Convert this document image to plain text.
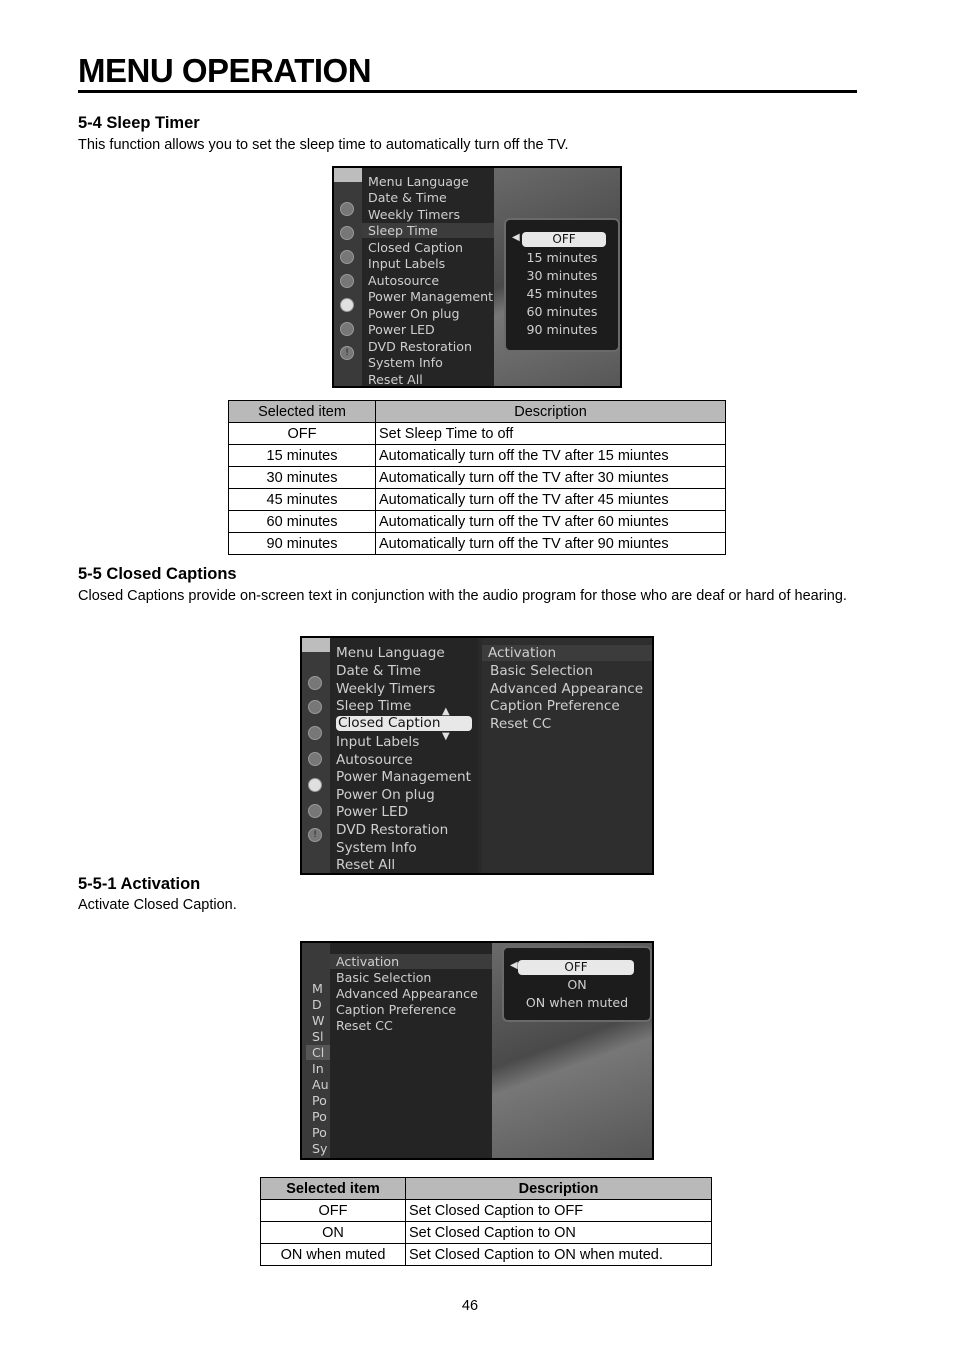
MENU OPERATION
5-4 Sleep Timer
This function allows you to set the sleep time to automatically turn off the TV.
!
Menu Language
Date & Time
Weekly Timers
Sleep Time
Closed Caption
Input Labels
Autosource
Power Management
Power On plug
Power LED
DVD Restoration
System Info
Reset All
◀	OFF
15 minutes
30 minutes
45 minutes
60 minutes
90 minutes
Selected item	Description
OFF	Set Sleep Time to off
15 minutes	Automatically turn off the TV after 15 miuntes
30 minutes	Automatically turn off the TV after 30 miuntes
45 minutes	Automatically turn off the TV after 45 miuntes
60 minutes	Automatically turn off the TV after 60 miuntes
90 minutes	Automatically turn off the TV after 90 miuntes
5-5 Closed Captions
Closed Captions provide on-screen text in conjunction with the audio program for those who are deaf or hard of hearing.
!
Menu Language
Date & Time
Weekly Timers
Sleep Time
Closed Caption
▲
▼
Input Labels
Autosource
Power Management
Power On plug
Power LED
DVD Restoration
System Info
Reset All
Activation
Basic Selection
Advanced Appearance
Caption Preference
Reset CC
5-5-1 Activation
Activate Closed Caption.
M
D
W
Sl
Cl
In
Au
Po
Po
Po
Sy
Activation
Basic Selection
Advanced Appearance
Caption Preference
Reset CC
◀	OFF
ON
ON when muted
Selected item	Description
OFF	Set Closed Caption to OFF
ON	Set Closed Caption to ON
ON when muted	Set Closed Caption to ON when muted.
46
